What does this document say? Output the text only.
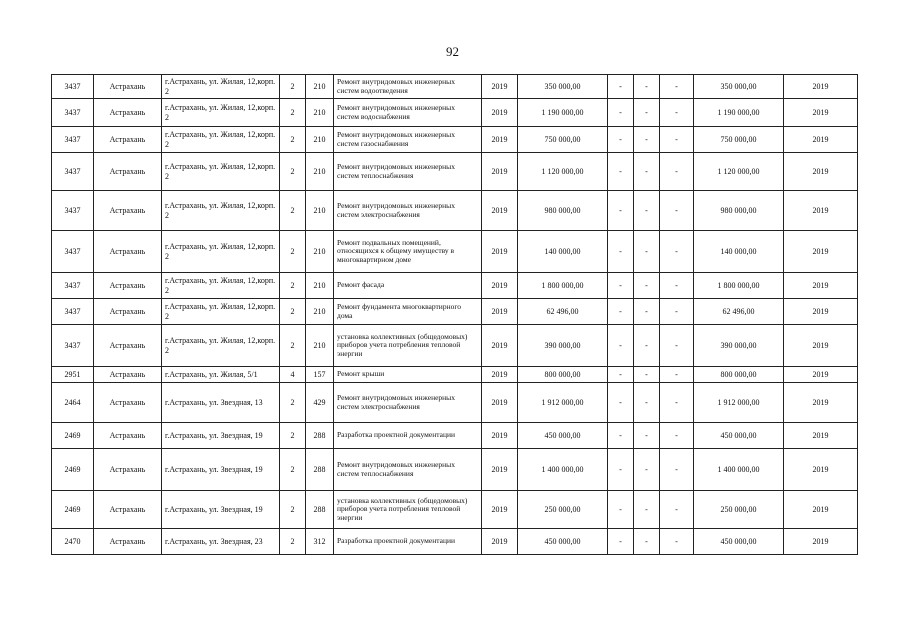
92
3437	Астрахань	г.Астрахань, ул. Жилая, 12,корп. 2	2	210	Ремонт внутридомовых инженерных систем водоотведения	2019	350 000,00	-	-	-	350 000,00	2019
3437	Астрахань	г.Астрахань, ул. Жилая, 12,корп. 2	2	210	Ремонт внутридомовых инженерных систем водоснабжения	2019	1 190 000,00	-	-	-	1 190 000,00	2019
3437	Астрахань	г.Астрахань, ул. Жилая, 12,корп. 2	2	210	Ремонт внутридомовых инженерных систем газоснабжения	2019	750 000,00	-	-	-	750 000,00	2019
3437	Астрахань	г.Астрахань, ул. Жилая, 12,корп. 2	2	210	Ремонт внутридомовых инженерных систем теплоснабжения	2019	1 120 000,00	-	-	-	1 120 000,00	2019
3437	Астрахань	г.Астрахань, ул. Жилая, 12,корп. 2	2	210	Ремонт внутридомовых инженерных систем электроснабжения	2019	980 000,00	-	-	-	980 000,00	2019
3437	Астрахань	г.Астрахань, ул. Жилая, 12,корп. 2	2	210	Ремонт подвальных помещений, относящихся к общему имуществу в многоквартирном доме	2019	140 000,00	-	-	-	140 000,00	2019
3437	Астрахань	г.Астрахань, ул. Жилая, 12,корп. 2	2	210	Ремонт фасада	2019	1 800 000,00	-	-	-	1 800 000,00	2019
3437	Астрахань	г.Астрахань, ул. Жилая, 12,корп. 2	2	210	Ремонт фундамента многоквартирного дома	2019	62 496,00	-	-	-	62 496,00	2019
3437	Астрахань	г.Астрахань, ул. Жилая, 12,корп. 2	2	210	установка коллективных (общедомовых) приборов учета потребления тепловой энергии	2019	390 000,00	-	-	-	390 000,00	2019
2951	Астрахань	г.Астрахань, ул. Жилая, 5/1	4	157	Ремонт крыши	2019	800 000,00	-	-	-	800 000,00	2019
2464	Астрахань	г.Астрахань, ул. Звездная, 13	2	429	Ремонт внутридомовых инженерных систем электроснабжения	2019	1 912 000,00	-	-	-	1 912 000,00	2019
2469	Астрахань	г.Астрахань, ул. Звездная, 19	2	288	Разработка проектной документации	2019	450 000,00	-	-	-	450 000,00	2019
2469	Астрахань	г.Астрахань, ул. Звездная, 19	2	288	Ремонт внутридомовых инженерных систем теплоснабжения	2019	1 400 000,00	-	-	-	1 400 000,00	2019
2469	Астрахань	г.Астрахань, ул. Звездная, 19	2	288	установка коллективных (общедомовых) приборов учета потребления тепловой энергии	2019	250 000,00	-	-	-	250 000,00	2019
2470	Астрахань	г.Астрахань, ул. Звездная, 23	2	312	Разработка проектной документации	2019	450 000,00	-	-	-	450 000,00	2019
